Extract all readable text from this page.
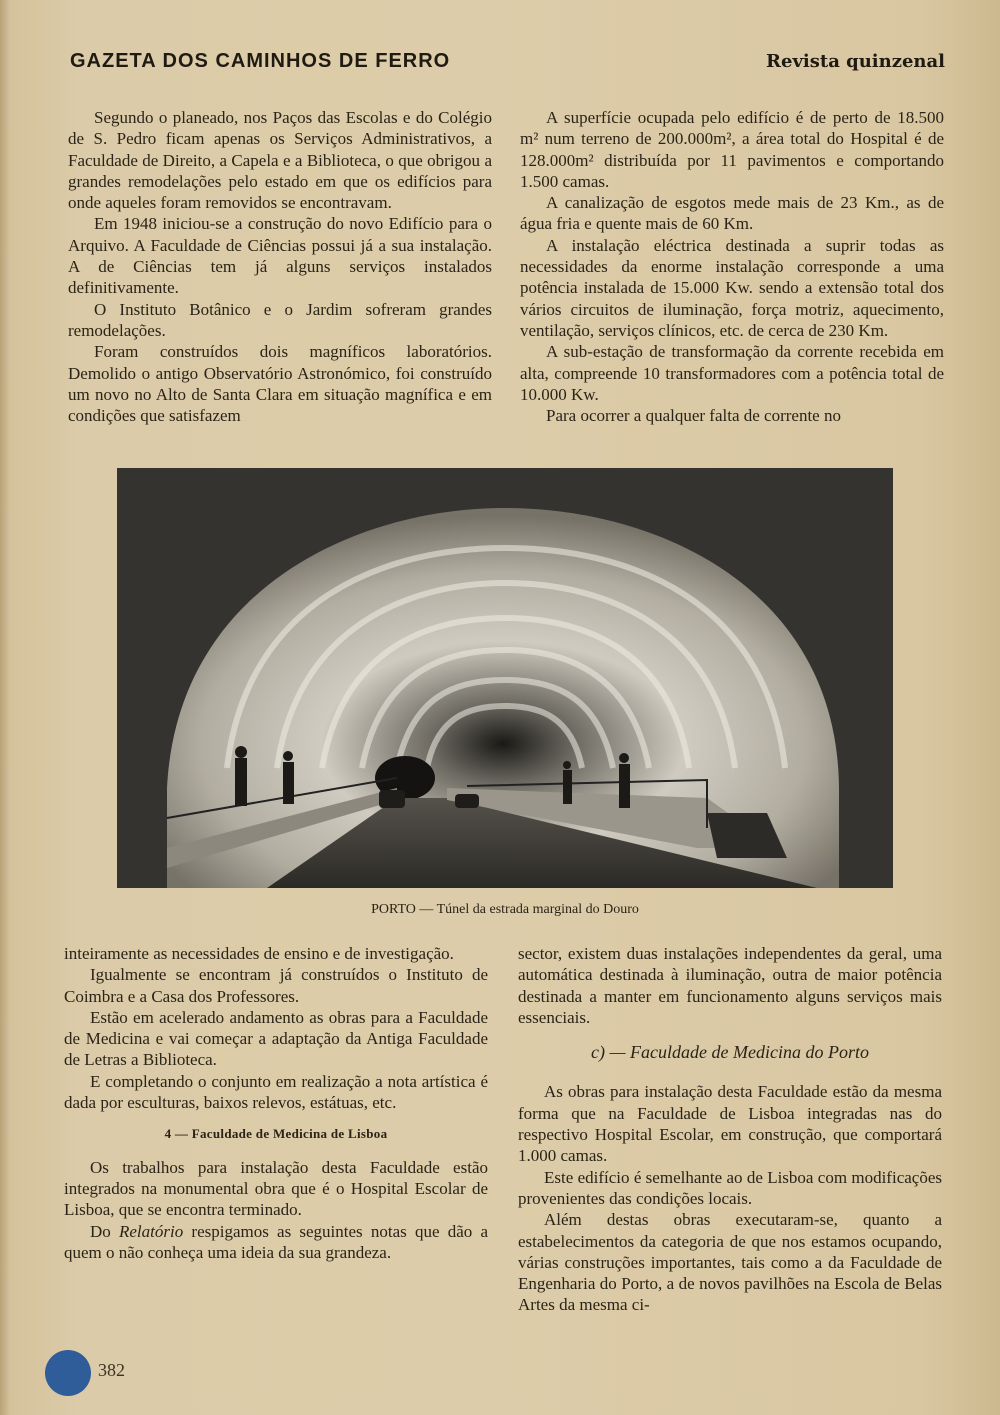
GAZETA DOS CAMINHOS DE FERRO	Revista quinzenal

Segundo o planeado, nos Paços das Escolas e do Colégio de S. Pedro ficam apenas os Serviços Administrativos, a Faculdade de Direito, a Capela e a Biblioteca, o que obrigou a grandes remodelações pelo estado em que os edifícios para onde aqueles foram removidos se encontravam.

Em 1948 iniciou-se a construção do novo Edifício para o Arquivo. A Faculdade de Ciências possui já a sua instalação. A de Ciências tem já alguns serviços instalados definitivamente.

O Instituto Botânico e o Jardim sofreram grandes remodelações.

Foram construídos dois magníficos laboratórios. Demolido o antigo Observatório Astronómico, foi construído um novo no Alto de Santa Clara em situação magnífica e em condições que satisfazem

A superfície ocupada pelo edifício é de perto de 18.500 m² num terreno de 200.000m², a área total do Hospital é de 128.000m² distribuída por 11 pavimentos e comportando 1.500 camas.

A canalização de esgotos mede mais de 23 Km., as de água fria e quente mais de 60 Km.

A instalação eléctrica destinada a suprir todas as necessidades da enorme instalação corresponde a uma potência instalada de 15.000 Kw. sendo a extensão total dos vários circuitos de iluminação, força motriz, aquecimento, ventilação, serviços clínicos, etc. de cerca de 230 Km.

A sub-estação de transformação da corrente recebida em alta, compreende 10 transformadores com a potência total de 10.000 Kw.

Para ocorrer a qualquer falta de corrente no

PORTO — Túnel da estrada marginal do Douro

inteiramente as necessidades de ensino e de investigação.

Igualmente se encontram já construídos o Instituto de Coimbra e a Casa dos Professores.

Estão em acelerado andamento as obras para a Faculdade de Medicina e vai começar a adaptação da Antiga Faculdade de Letras a Biblioteca.

E completando o conjunto em realização a nota artística é dada por esculturas, baixos relevos, estátuas, etc.

4 — Faculdade de Medicina de Lisboa

Os trabalhos para instalação desta Faculdade estão integrados na monumental obra que é o Hospital Escolar de Lisboa, que se encontra terminado.

Do Relatório respigamos as seguintes notas que dão a quem o não conheça uma ideia da sua grandeza.

sector, existem duas instalações independentes da geral, uma automática destinada à iluminação, outra de maior potência destinada a manter em funcionamento alguns serviços mais essenciais.

c) — Faculdade de Medicina do Porto

As obras para instalação desta Faculdade estão da mesma forma que na Faculdade de Lisboa integradas nas do respectivo Hospital Escolar, em construção, que comportará 1.000 camas.

Este edifício é semelhante ao de Lisboa com modificações provenientes das condições locais.

Além destas obras executaram-se, quanto a estabelecimentos da categoria de que nos estamos ocupando, várias construções importantes, tais como a da Faculdade de Engenharia do Porto, a de novos pavilhões na Escola de Belas Artes da mesma ci-

382
